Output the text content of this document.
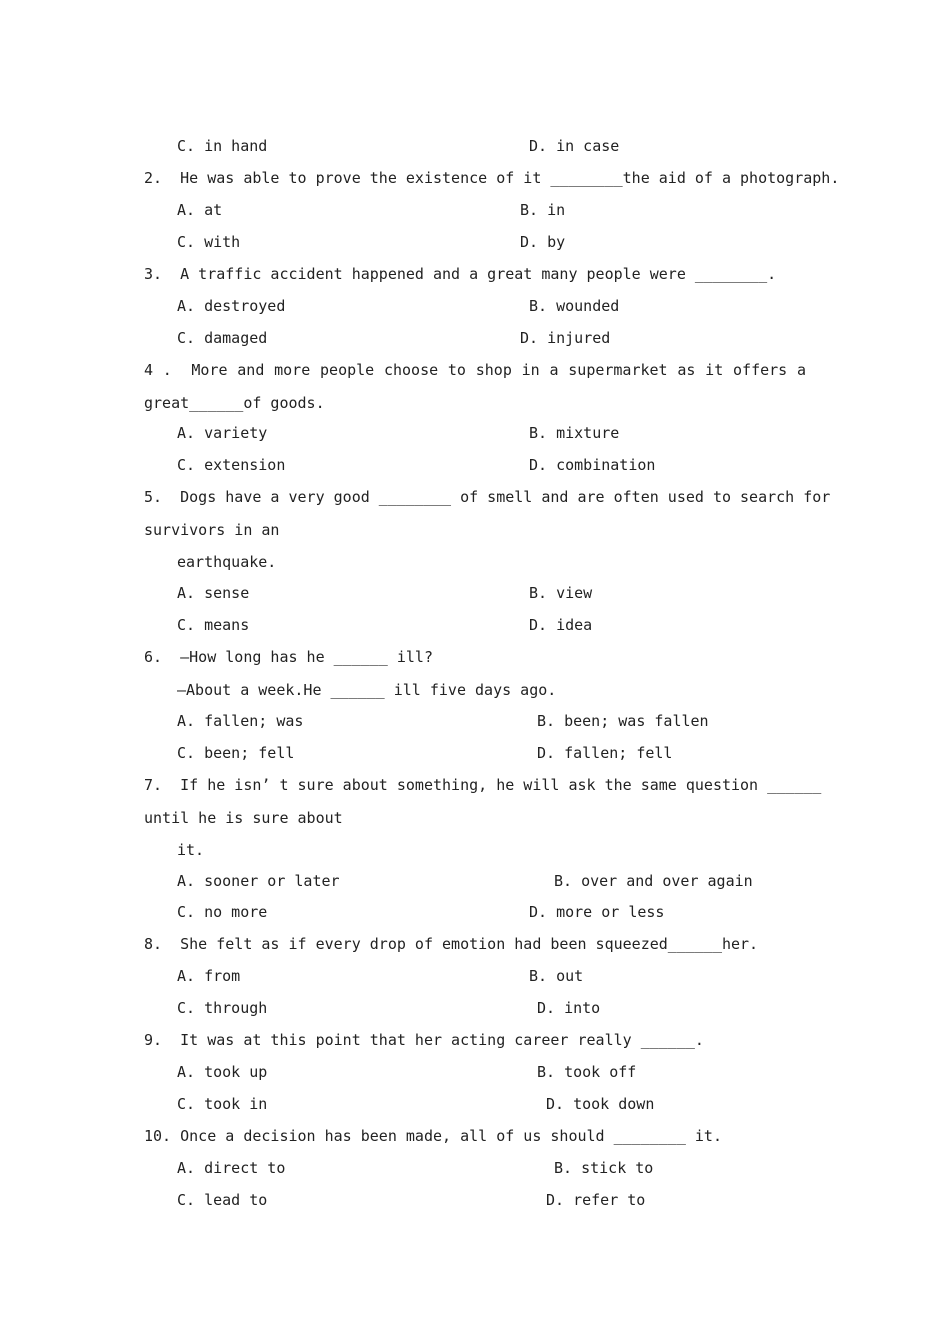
C. in hand	D. in case
2.  He was able to prove the existence of it ________the aid of a photograph.
A. at	B. in
C. with	D. by
3.  A traffic accident happened and a great many people were ________.
A. destroyed	B. wounded
C. damaged	D. injured
4 .  More and more people choose to shop in a supermarket as it offers a
great______of goods.
A. variety	B. mixture
C. extension	D. combination
5.  Dogs have a very good ________ of smell and are often used to search for
survivors in an
earthquake.
A. sense	B. view
C. means	D. idea
6.  —How long has he ______ ill?
—About a week.He ______ ill five days ago.
A. fallen; was	B. been; was fallen
C. been; fell	D. fallen; fell
7.  If he isn’ t sure about something, he will ask the same question ______
until he is sure about
it.
A. sooner or later	B. over and over again
C. no more	D. more or less
8.  She felt as if every drop of emotion had been squeezed______her.
A. from	B. out
C. through	D. into
9.  It was at this point that her acting career really ______.
A. took up	B. took off
C. took in	D. took down
10. Once a decision has been made, all of us should ________ it.
A. direct to	B. stick to
C. lead to	D. refer to
